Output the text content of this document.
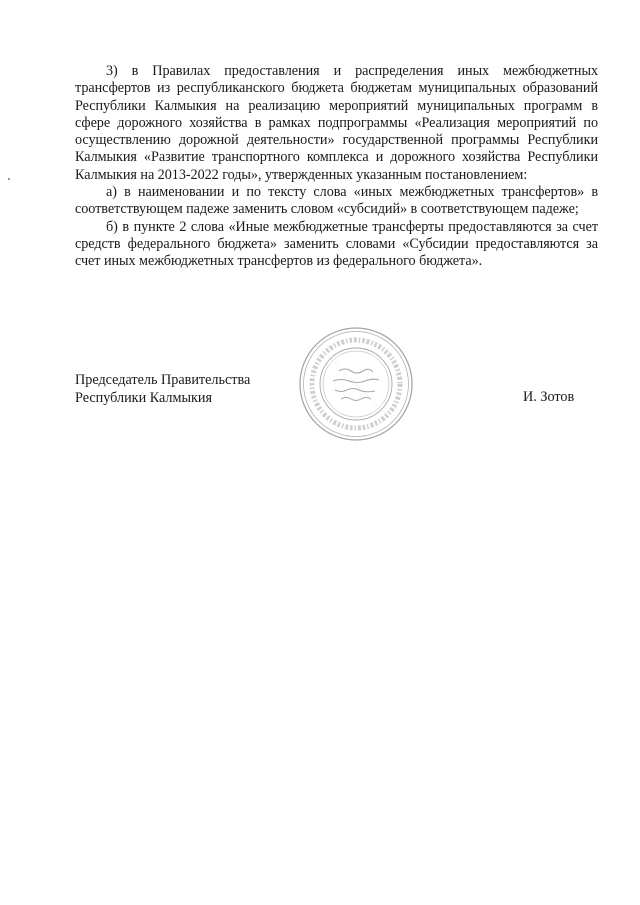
3) в Правилах предоставления и распределения иных межбюджетных трансфертов из республиканского бюджета бюджетам муниципальных образований Республики Калмыкия на реализацию мероприятий муниципальных программ в сфере дорожного хозяйства в рамках подпрограммы «Реализация мероприятий по осуществлению дорожной деятельности» государственной программы Республики Калмыкия «Развитие транспортного комплекса и дорожного хозяйства Республики Калмыкия на 2013-2022 годы», утвержденных указанным постановлением:

а) в наименовании и по тексту слова «иных межбюджетных трансфертов» в соответствующем падеже заменить словом «субсидий» в соответствующем падеже;

б) в пункте 2 слова «Иные межбюджетные трансферты предоставляются за счет средств федерального бюджета» заменить словами «Субсидии предоставляются за счет иных межбюджетных трансфертов из федерального бюджета».

Председатель Правительства
Республики Калмыкия	И. Зотов
